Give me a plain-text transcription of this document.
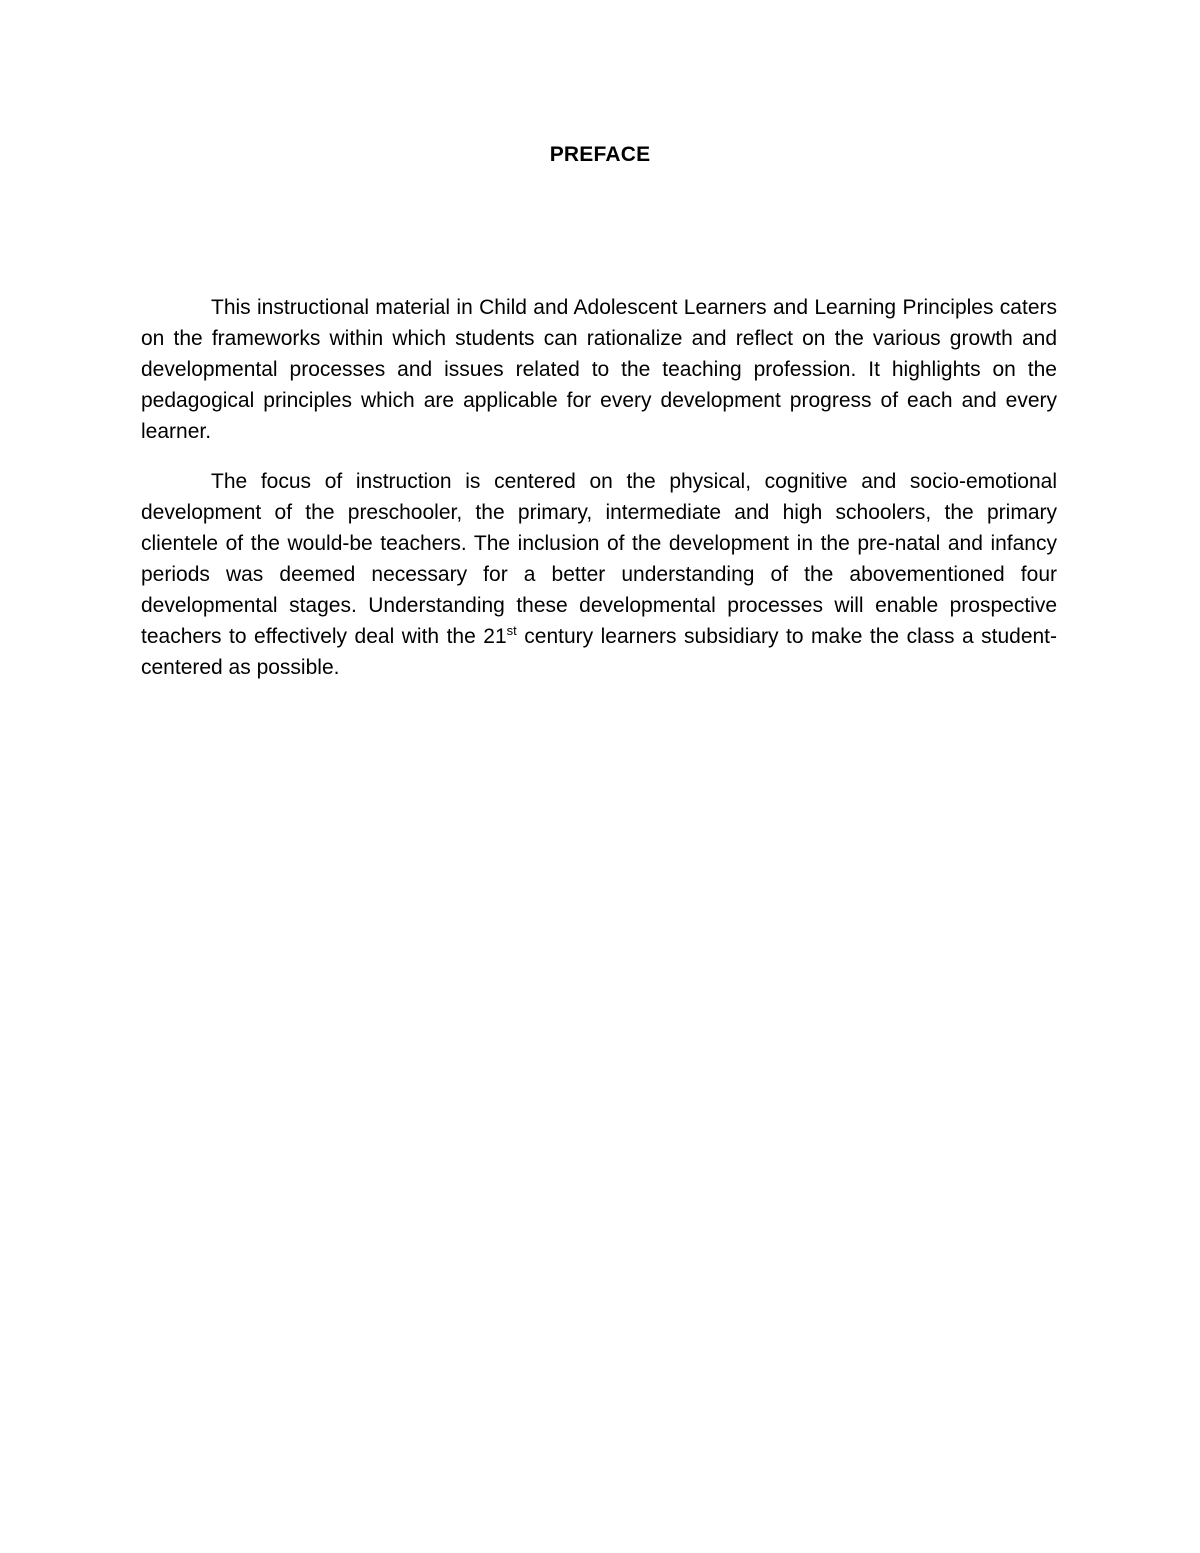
PREFACE

This instructional material in Child and Adolescent Learners and Learning Principles caters on the frameworks within which students can rationalize and reflect on the various growth and developmental processes and issues related to the teaching profession. It highlights on the pedagogical principles which are applicable for every development progress of each and every learner.

The focus of instruction is centered on the physical, cognitive and socio-emotional development of the preschooler, the primary, intermediate and high schoolers, the primary clientele of the would-be teachers. The inclusion of the development in the pre-natal and infancy periods was deemed necessary for a better understanding of the abovementioned four developmental stages. Understanding these developmental processes will enable prospective teachers to effectively deal with the 21st century learners subsidiary to make the class a student-centered as possible.
